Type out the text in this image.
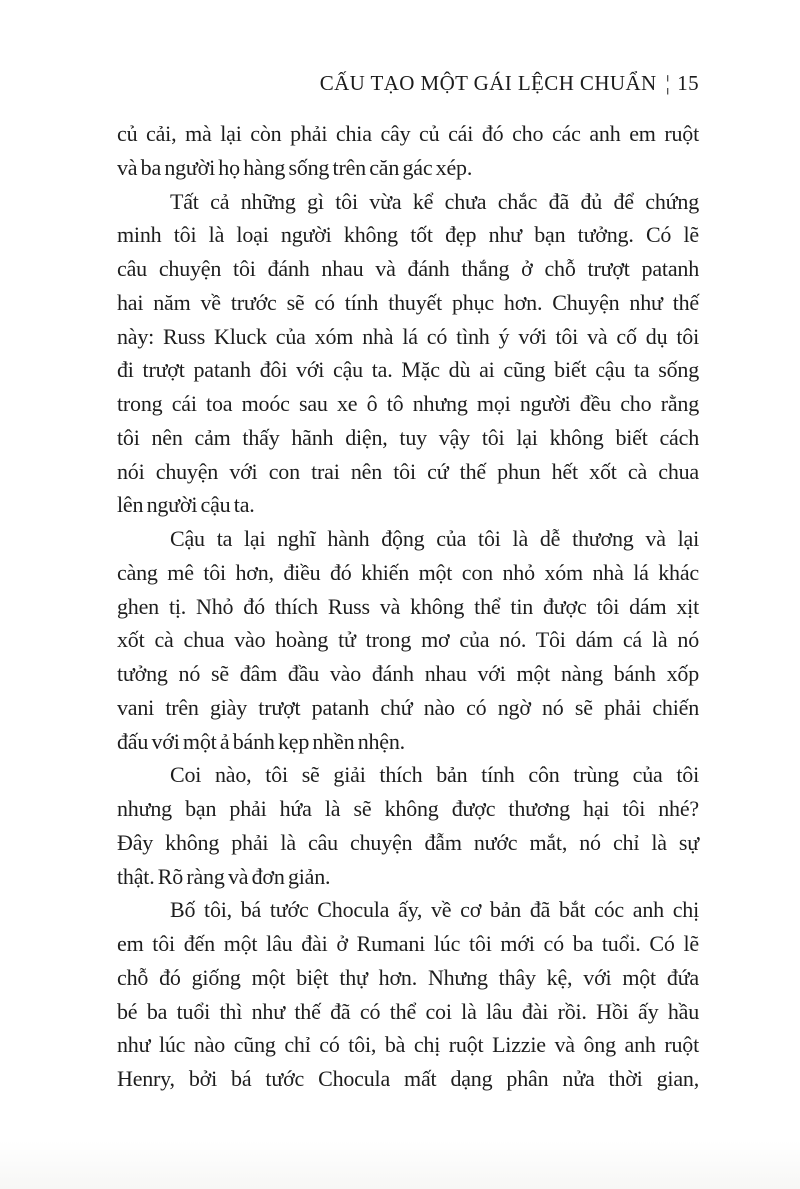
CẤU TẠO MỘT GÁI LỆCH CHUẨN ¦ 15
củ cải, mà lại còn phải chia cây củ cái đó cho các anh em ruột
và ba người họ hàng sống trên căn gác xép.
Tất cả những gì tôi vừa kể chưa chắc đã đủ để chứng
minh tôi là loại người không tốt đẹp như bạn tưởng. Có lẽ
câu chuyện tôi đánh nhau và đánh thắng ở chỗ trượt patanh
hai năm về trước sẽ có tính thuyết phục hơn. Chuyện như thế
này: Russ Kluck của xóm nhà lá có tình ý với tôi và cố dụ tôi
đi trượt patanh đôi với cậu ta. Mặc dù ai cũng biết cậu ta sống
trong cái toa moóc sau xe ô tô nhưng mọi người đều cho rằng
tôi nên cảm thấy hãnh diện, tuy vậy tôi lại không biết cách
nói chuyện với con trai nên tôi cứ thế phun hết xốt cà chua
lên người cậu ta.
Cậu ta lại nghĩ hành động của tôi là dễ thương và lại
càng mê tôi hơn, điều đó khiến một con nhỏ xóm nhà lá khác
ghen tị. Nhỏ đó thích Russ và không thể tin được tôi dám xịt
xốt cà chua vào hoàng tử trong mơ của nó. Tôi dám cá là nó
tưởng nó sẽ đâm đầu vào đánh nhau với một nàng bánh xốp
vani trên giày trượt patanh chứ nào có ngờ nó sẽ phải chiến
đấu với một ả bánh kẹp nhền nhện.
Coi nào, tôi sẽ giải thích bản tính côn trùng của tôi
nhưng bạn phải hứa là sẽ không được thương hại tôi nhé?
Đây không phải là câu chuyện đẫm nước mắt, nó chỉ là sự
thật. Rõ ràng và đơn giản.
Bố tôi, bá tước Chocula ấy, về cơ bản đã bắt cóc anh chị
em tôi đến một lâu đài ở Rumani lúc tôi mới có ba tuổi. Có lẽ
chỗ đó giống một biệt thự hơn. Nhưng thây kệ, với một đứa
bé ba tuổi thì như thế đã có thể coi là lâu đài rồi. Hồi ấy hầu
như lúc nào cũng chỉ có tôi, bà chị ruột Lizzie và ông anh ruột
Henry, bởi bá tước Chocula mất dạng phân nửa thời gian,
